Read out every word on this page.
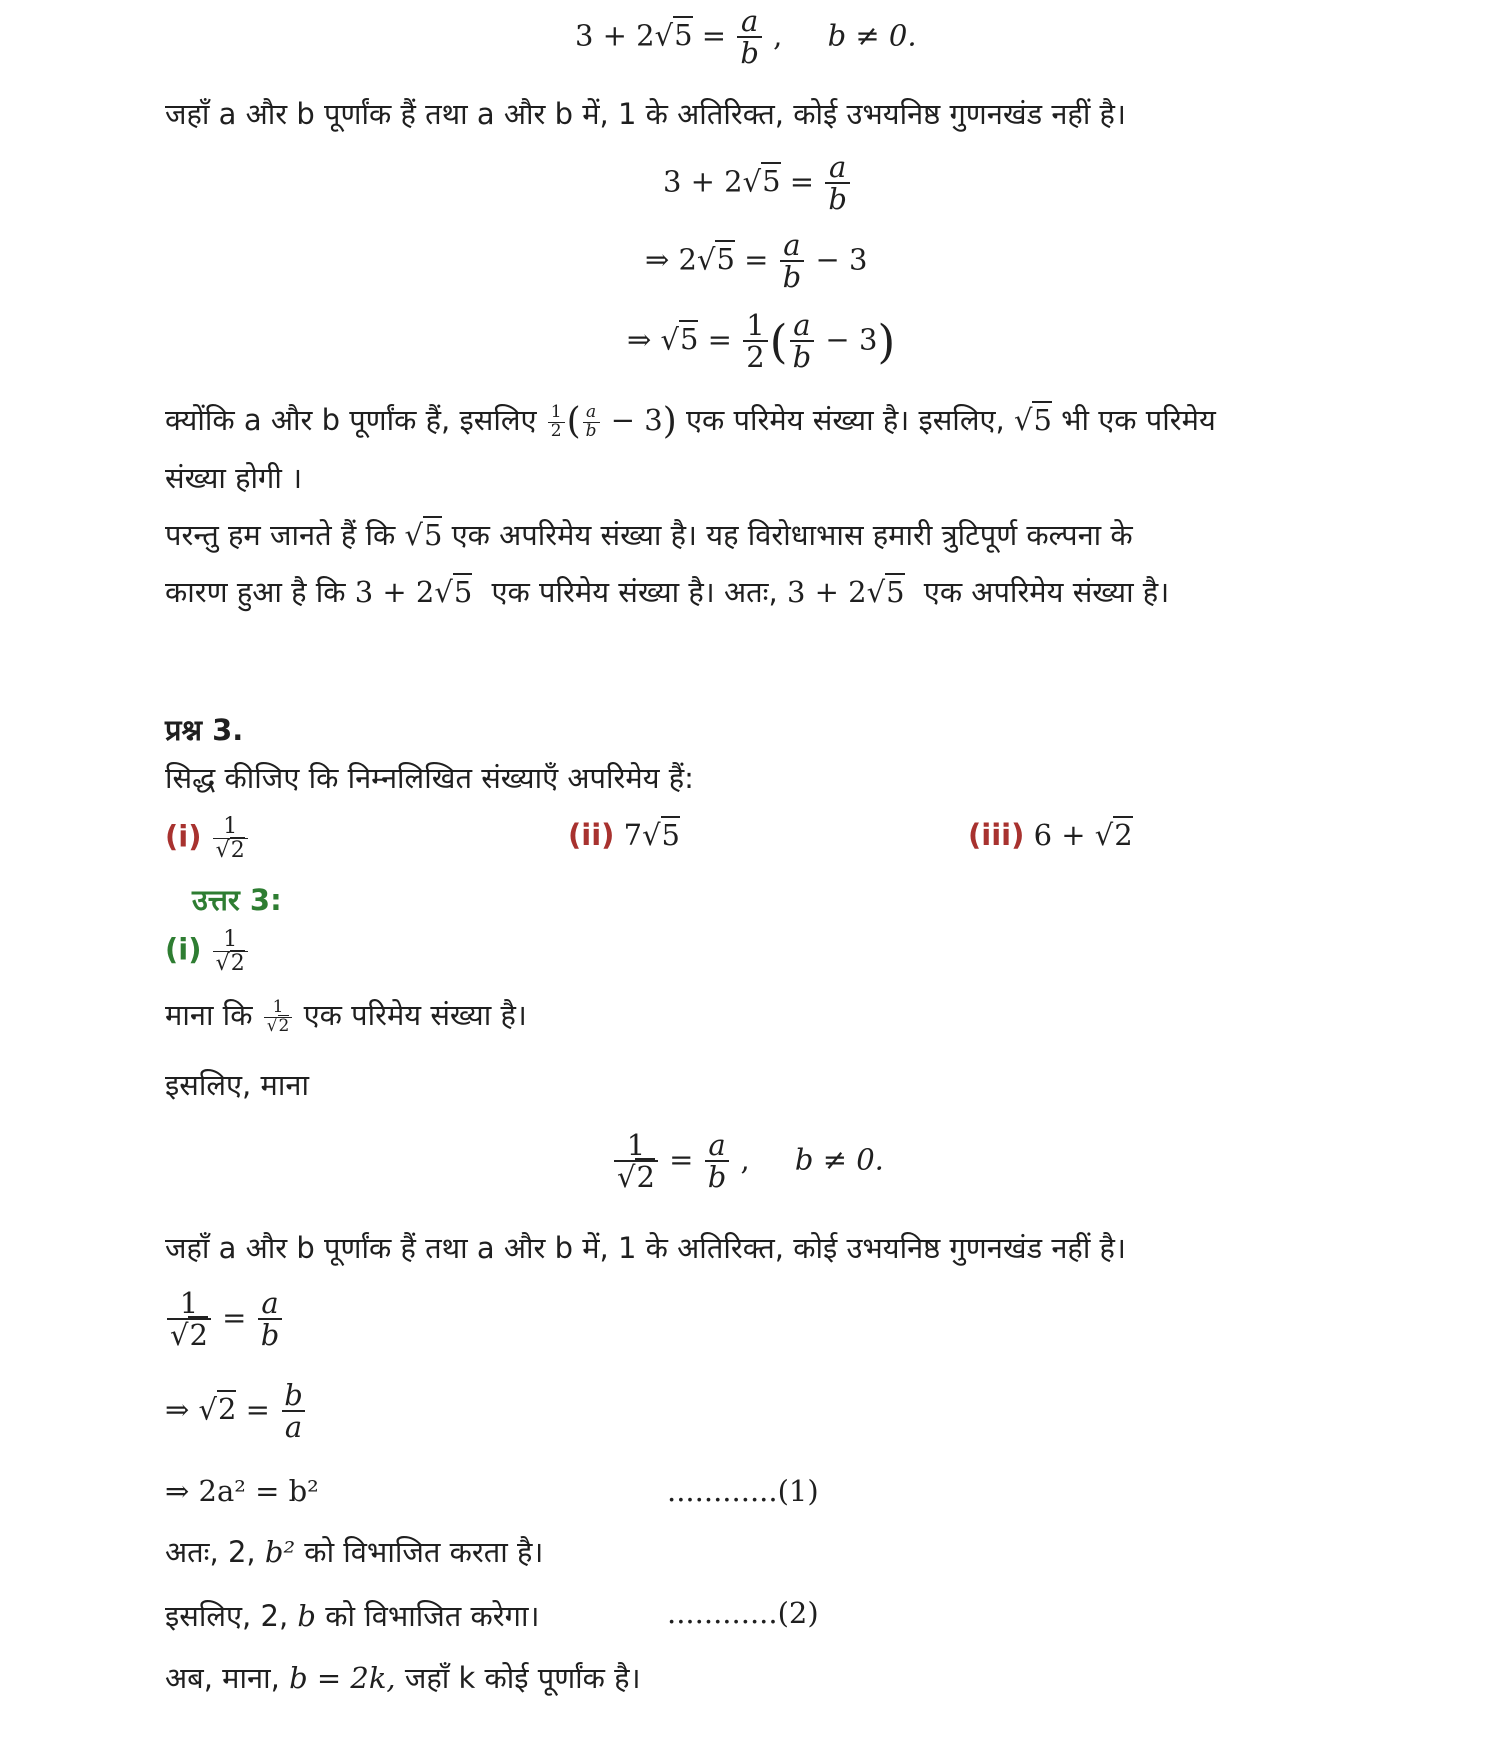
$3 + 2√5 = \frac{a}{b}$ , b ≠ 0.
जहाँ a और b पूर्णांक हैं तथा a और b में, 1 के अतिरिक्त, कोई उभयनिष्ठ गुणनखंड नहीं है।
$3 + 2√5 = \frac{a}{b}$
⇒ $2√5 = \frac{a}{b} - 3$
⇒ $√5 = \frac{1}{2}$ ( $\frac{a}{b} - 3$)
क्योंकि a और b पूर्णांक हैं, इसलिए $\frac{1}{2}$ ( $\frac{a}{b} - 3$) एक परिमेय संख्या है। इसलिए, √5 भी एक परिमेय
संख्या होगी ।
परन्तु हम जानते हैं कि √5 एक अपरिमेय संख्या है। यह विरोधाभास हमारी त्रुटिपूर्ण कल्पना के
कारण हुआ है कि 3 + 2√5 एक परिमेय संख्या है। अतः, 3 + 2√5 एक अपरिमेय संख्या है।
प्रश्न 3.
सिद्ध कीजिए कि निम्नलिखित संख्याएँ अपरिमेय हैं:
$(i) \frac{1}{√2}$	(ii) 7√5	(iii) 6 + √2
उत्तर 3:
$(i) \frac{1}{√2}$
माना कि $\frac{1}{√2}$ एक परिमेय संख्या है।
इसलिए, माना
$\frac{1}{√2} = \frac{a}{b}$ , b ≠ 0.
जहाँ a और b पूर्णांक हैं तथा a और b में, 1 के अतिरिक्त, कोई उभयनिष्ठ गुणनखंड नहीं है।
$\frac{1}{√2} = \frac{a}{b}$
⇒ $√2 = \frac{b}{a}$
⇒ 2a² = b²	............(1)
अतः, 2, b² को विभाजित करता है।
इसलिए, 2, b को विभाजित करेगा।	............(2)
अब, माना, b = 2k, जहाँ k कोई पूर्णांक है।
